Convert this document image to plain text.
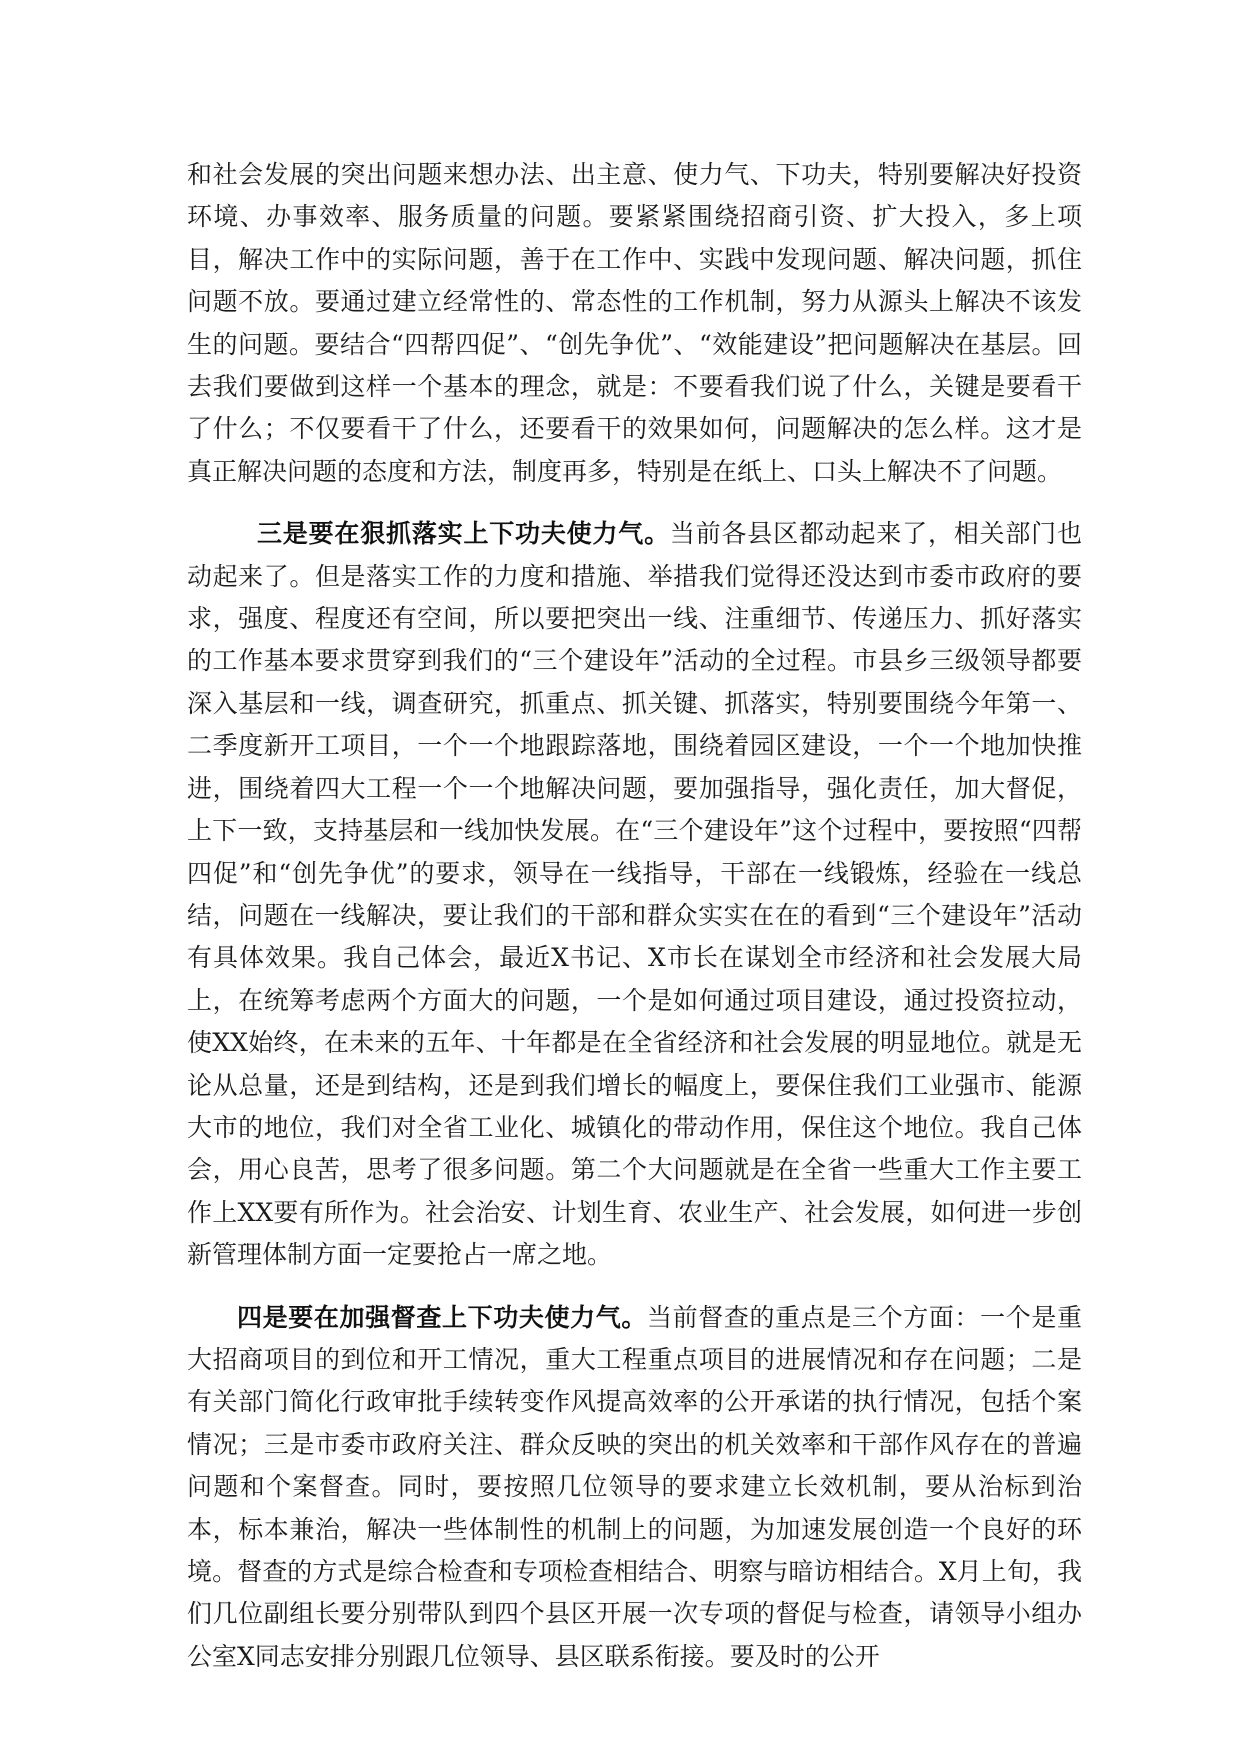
和社会发展的突出问题来想办法、出主意、使力气、下功夫，特别要解决好投资环境、办事效率、服务质量的问题。要紧紧围绕招商引资、扩大投入，多上项目，解决工作中的实际问题，善于在工作中、实践中发现问题、解决问题，抓住问题不放。要通过建立经常性的、常态性的工作机制，努力从源头上解决不该发生的问题。要结合“四帮四促”、“创先争优”、“效能建设”把问题解决在基层。回去我们要做到这样一个基本的理念，就是：不要看我们说了什么，关键是要看干了什么；不仅要看干了什么，还要看干的效果如何，问题解决的怎么样。这才是真正解决问题的态度和方法，制度再多，特别是在纸上、口头上解决不了问题。

三是要在狠抓落实上下功夫使力气。当前各县区都动起来了，相关部门也动起来了。但是落实工作的力度和措施、举措我们觉得还没达到市委市政府的要求，强度、程度还有空间，所以要把突出一线、注重细节、传递压力、抓好落实的工作基本要求贯穿到我们的“三个建设年”活动的全过程。市县乡三级领导都要深入基层和一线，调查研究，抓重点、抓关键、抓落实，特别要围绕今年第一、二季度新开工项目，一个一个地跟踪落地，围绕着园区建设，一个一个地加快推进，围绕着四大工程一个一个地解决问题，要加强指导，强化责任，加大督促，上下一致，支持基层和一线加快发展。在“三个建设年”这个过程中，要按照“四帮四促”和“创先争优”的要求，领导在一线指导，干部在一线锻炼，经验在一线总结，问题在一线解决，要让我们的干部和群众实实在在的看到“三个建设年”活动有具体效果。我自己体会，最近X书记、X市长在谋划全市经济和社会发展大局上，在统筹考虑两个方面大的问题，一个是如何通过项目建设，通过投资拉动，使XX始终，在未来的五年、十年都是在全省经济和社会发展的明显地位。就是无论从总量，还是到结构，还是到我们增长的幅度上，要保住我们工业强市、能源大市的地位，我们对全省工业化、城镇化的带动作用，保住这个地位。我自己体会，用心良苦，思考了很多问题。第二个大问题就是在全省一些重大工作主要工作上XX要有所作为。社会治安、计划生育、农业生产、社会发展，如何进一步创新管理体制方面一定要抢占一席之地。

四是要在加强督查上下功夫使力气。当前督查的重点是三个方面：一个是重大招商项目的到位和开工情况，重大工程重点项目的进展情况和存在问题；二是有关部门简化行政审批手续转变作风提高效率的公开承诺的执行情况，包括个案情况；三是市委市政府关注、群众反映的突出的机关效率和干部作风存在的普遍问题和个案督查。同时，要按照几位领导的要求建立长效机制，要从治标到治本，标本兼治，解决一些体制性的机制上的问题，为加速发展创造一个良好的环境。督查的方式是综合检查和专项检查相结合、明察与暗访相结合。X月上旬，我们几位副组长要分别带队到四个县区开展一次专项的督促与检查，请领导小组办公室X同志安排分别跟几位领导、县区联系衔接。要及时的公开
